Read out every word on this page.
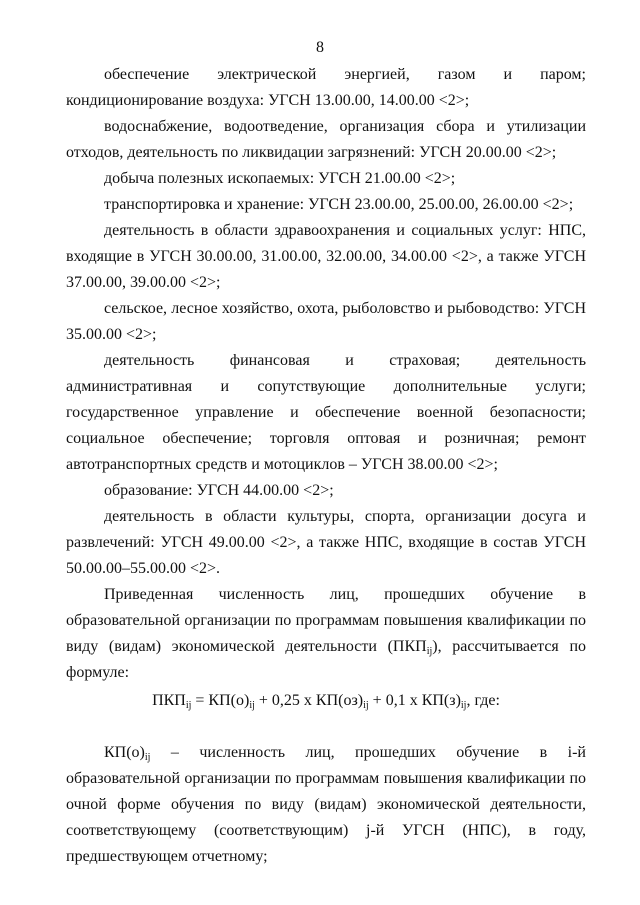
8

обеспечение электрической энергией, газом и паром; кондиционирование воздуха: УГСН 13.00.00, 14.00.00 <2>;

водоснабжение, водоотведение, организация сбора и утилизации отходов, деятельность по ликвидации загрязнений: УГСН 20.00.00 <2>;

добыча полезных ископаемых: УГСН 21.00.00 <2>;

транспортировка и хранение: УГСН 23.00.00, 25.00.00, 26.00.00 <2>;

деятельность в области здравоохранения и социальных услуг: НПС, входящие в УГСН 30.00.00, 31.00.00, 32.00.00, 34.00.00 <2>, а также УГСН 37.00.00, 39.00.00 <2>;

сельское, лесное хозяйство, охота, рыболовство и рыбоводство: УГСН 35.00.00 <2>;

деятельность финансовая и страховая; деятельность административная и сопутствующие дополнительные услуги; государственное управление и обеспечение военной безопасности; социальное обеспечение; торговля оптовая и розничная; ремонт автотранспортных средств и мотоциклов – УГСН 38.00.00 <2>;

образование: УГСН 44.00.00 <2>;

деятельность в области культуры, спорта, организации досуга и развлечений: УГСН 49.00.00 <2>, а также НПС, входящие в состав УГСН 50.00.00–55.00.00 <2>.

Приведенная численность лиц, прошедших обучение в образовательной организации по программам повышения квалификации по виду (видам) экономической деятельности $(ПКП_{ij})$, рассчитывается по формуле:

$ПКП_{ij} = КП(о)_{ij} + 0,25$ х $КП(оз)_{ij} + 0,1$ х $КП(з)_{ij}$, где:

$КП(о)_{ij}$ – численность лиц, прошедших обучение в i-й образовательной организации по программам повышения квалификации по очной форме обучения по виду (видам) экономической деятельности, соответствующему (соответствующим) j-й УГСН (НПС), в году, предшествующем отчетному;
